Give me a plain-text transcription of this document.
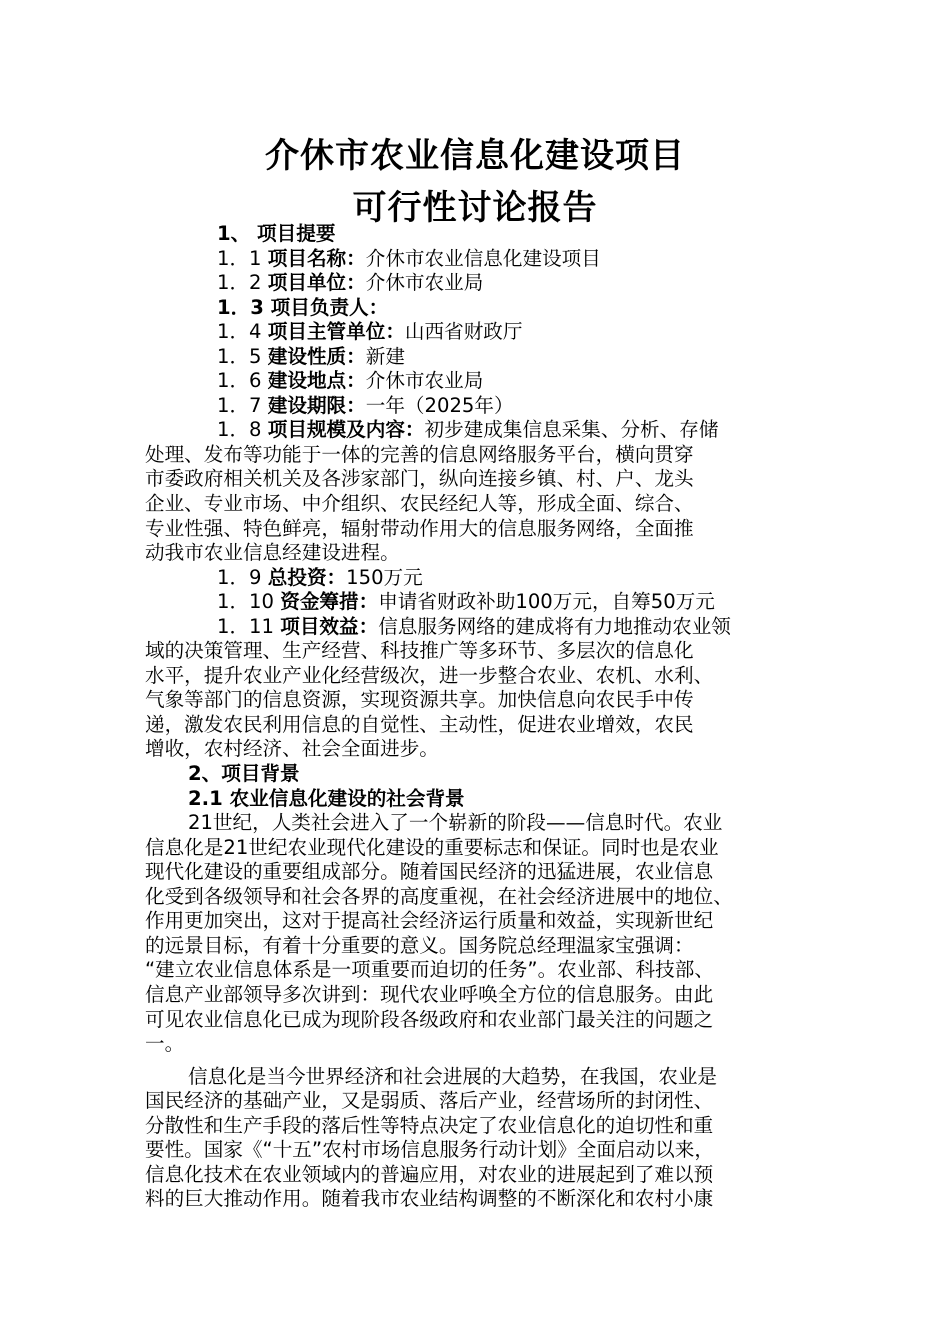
介休市农业信息化建设项目
可行性讨论报告
1、 项目提要
1．1 项目名称：介休市农业信息化建设项目
1．2 项目单位：介休市农业局
1．3 项目负责人：
1．4 项目主管单位：山西省财政厅
1．5 建设性质：新建
1．6 建设地点：介休市农业局
1．7 建设期限：一年（2025年）
1．8 项目规模及内容：初步建成集信息采集、分析、存储
处理、发布等功能于一体的完善的信息网络服务平台，横向贯穿
市委政府相关机关及各涉家部门，纵向连接乡镇、村、户、龙头
企业、专业市场、中介组织、农民经纪人等，形成全面、综合、
专业性强、特色鲜亮，辐射带动作用大的信息服务网络，全面推
动我市农业信息经建设进程。
1．9 总投资：150万元
1．10 资金筹措：申请省财政补助100万元，自筹50万元
1．11 项目效益：信息服务网络的建成将有力地推动农业领
域的决策管理、生产经营、科技推广等多环节、多层次的信息化
水平，提升农业产业化经营级次，进一步整合农业、农机、水利、
气象等部门的信息资源，实现资源共享。加快信息向农民手中传
递，激发农民利用信息的自觉性、主动性，促进农业增效，农民
增收，农村经济、社会全面进步。
2、项目背景
2.1 农业信息化建设的社会背景
21世纪，人类社会进入了一个崭新的阶段——信息时代。农业
信息化是21世纪农业现代化建设的重要标志和保证。同时也是农业
现代化建设的重要组成部分。随着国民经济的迅猛进展，农业信息
化受到各级领导和社会各界的高度重视，在社会经济进展中的地位、
作用更加突出，这对于提高社会经济运行质量和效益，实现新世纪
的远景目标，有着十分重要的意义。国务院总经理温家宝强调：
“建立农业信息体系是一项重要而迫切的任务”。农业部、科技部、
信息产业部领导多次讲到：现代农业呼唤全方位的信息服务。由此
可见农业信息化已成为现阶段各级政府和农业部门最关注的问题之
一。
信息化是当今世界经济和社会进展的大趋势，在我国，农业是
国民经济的基础产业，又是弱质、落后产业，经营场所的封闭性、
分散性和生产手段的落后性等特点决定了农业信息化的迫切性和重
要性。国家《“十五”农村市场信息服务行动计划》全面启动以来，
信息化技术在农业领域内的普遍应用，对农业的进展起到了难以预
料的巨大推动作用。随着我市农业结构调整的不断深化和农村小康
